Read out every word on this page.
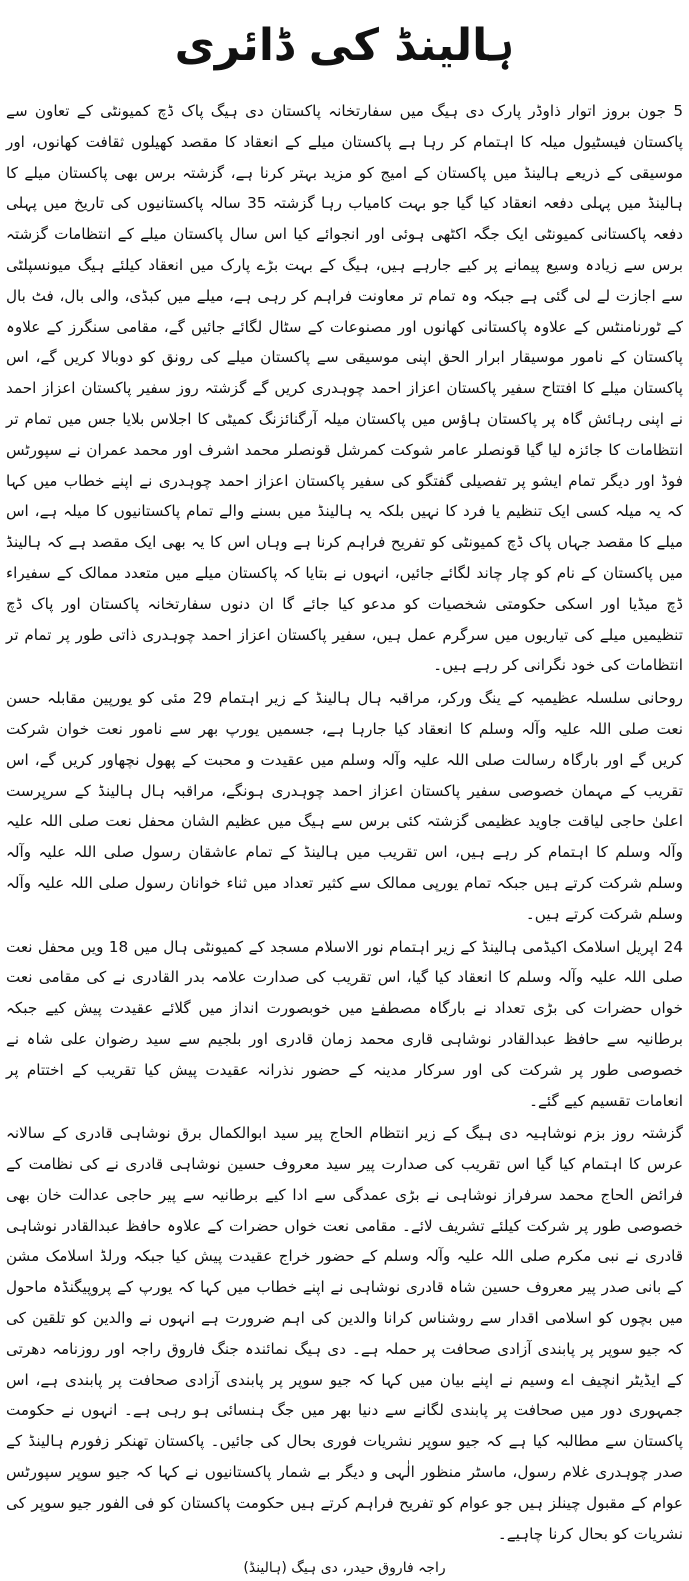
ہالینڈ کی ڈائری

5 جون بروز اتوار ذاوڈر پارک دی ہیگ میں سفارتخانہ پاکستان دی ہیگ پاک ڈچ کمیونٹی کے تعاون سے پاکستان فیسٹیول میلہ کا اہتمام کر رہا ہے پاکستان میلے کے انعقاد کا مقصد کھیلوں ثقافت کھانوں، اور موسیقی کے ذریعے ہالینڈ میں پاکستان کے امیج کو مزید بہتر کرنا ہے، گزشتہ برس بھی پاکستان میلے کا ہالینڈ میں پہلی دفعہ انعقاد کیا گیا جو بہت کامیاب رہا گزشتہ 35 سالہ پاکستانیوں کی تاریخ میں پہلی دفعہ پاکستانی کمیونٹی ایک جگہ اکٹھی ہوئی اور انجوائے کیا اس سال پاکستان میلے کے انتظامات گزشتہ برس سے زیادہ وسیع پیمانے پر کیے جارہے ہیں، ہیگ کے بہت بڑے پارک میں انعقاد کیلئے ہیگ میونسپلٹی سے اجازت لے لی گئی ہے جبکہ وہ تمام تر معاونت فراہم کر رہی ہے، میلے میں کبڈی، والی بال، فٹ بال کے ٹورنامنٹس کے علاوہ پاکستانی کھانوں اور مصنوعات کے سٹال لگائے جائیں گے، مقامی سنگرز کے علاوہ پاکستان کے نامور موسیقار ابرار الحق اپنی موسیقی سے پاکستان میلے کی رونق کو دوبالا کریں گے، اس پاکستان میلے کا افتتاح سفیر پاکستان اعزاز احمد چوہدری کریں گے گزشتہ روز سفیر پاکستان اعزاز احمد نے اپنی رہائش گاہ پر پاکستان ہاؤس میں پاکستان میلہ آرگنائزنگ کمیٹی کا اجلاس بلایا جس میں تمام تر انتظامات کا جائزہ لیا گیا قونصلر عامر شوکت کمرشل قونصلر محمد اشرف اور محمد عمران نے سپورٹس فوڈ اور دیگر تمام ایشو پر تفصیلی گفتگو کی سفیر پاکستان اعزاز احمد چوہدری نے اپنے خطاب میں کہا کہ یہ میلہ کسی ایک تنظیم یا فرد کا نہیں بلکہ یہ ہالینڈ میں بسنے والے تمام پاکستانیوں کا میلہ ہے، اس میلے کا مقصد جہاں پاک ڈچ کمیونٹی کو تفریح فراہم کرنا ہے وہاں اس کا یہ بھی ایک مقصد ہے کہ ہالینڈ میں پاکستان کے نام کو چار چاند لگائے جائیں، انہوں نے بتایا کہ پاکستان میلے میں متعدد ممالک کے سفیراء ڈچ میڈیا اور اسکی حکومتی شخصیات کو مدعو کیا جائے گا ان دنوں سفارتخانہ پاکستان اور پاک ڈچ تنظیمیں میلے کی تیاریوں میں سرگرم عمل ہیں، سفیر پاکستان اعزاز احمد چوہدری ذاتی طور پر تمام تر انتظامات کی خود نگرانی کر رہے ہیں۔

روحانی سلسلہ عظیمیہ کے ینگ ورکر، مراقبہ ہال ہالینڈ کے زیر اہتمام 29 مئی کو یورپین مقابلہ حسن نعت صلی اللہ علیہ وآلہ وسلم کا انعقاد کیا جارہا ہے، جسمیں یورپ بھر سے نامور نعت خوان شرکت کریں گے اور بارگاہ رسالت صلی اللہ علیہ وآلہ وسلم میں عقیدت و محبت کے پھول نچھاور کریں گے، اس تقریب کے مہمان خصوصی سفیر پاکستان اعزاز احمد چوہدری ہونگے، مراقبہ ہال ہالینڈ کے سرپرست اعلیٰ حاجی لیاقت جاوید عظیمی گزشتہ کئی برس سے ہیگ میں عظیم الشان محفل نعت صلی اللہ علیہ وآلہ وسلم کا اہتمام کر رہے ہیں، اس تقریب میں ہالینڈ کے تمام عاشقان رسول صلی اللہ علیہ وآلہ وسلم شرکت کرتے ہیں جبکہ تمام یورپی ممالک سے کثیر تعداد میں ثناء خوانان رسول صلی اللہ علیہ وآلہ وسلم شرکت کرتے ہیں۔

24 اپریل اسلامک اکیڈمی ہالینڈ کے زیر اہتمام نور الاسلام مسجد کے کمیونٹی ہال میں 18 ویں محفل نعت صلی اللہ علیہ وآلہ وسلم کا انعقاد کیا گیا، اس تقریب کی صدارت علامہ بدر القادری نے کی مقامی نعت خواں حضرات کی بڑی تعداد نے بارگاہ مصطفےٰ میں خوبصورت انداز میں گلائے عقیدت پیش کیے جبکہ برطانیہ سے حافظ عبدالقادر نوشاہی قاری محمد زمان قادری اور بلجیم سے سید رضوان علی شاہ نے خصوصی طور پر شرکت کی اور سرکار مدینہ کے حضور نذرانہ عقیدت پیش کیا تقریب کے اختتام پر انعامات تقسیم کیے گئے۔

گزشتہ روز بزم نوشاہیہ دی ہیگ کے زیر انتظام الحاج پیر سید ابوالکمال برق نوشاہی قادری کے سالانہ عرس کا اہتمام کیا گیا اس تقریب کی صدارت پیر سید معروف حسین نوشاہی قادری نے کی نظامت کے فرائض الحاج محمد سرفراز نوشاہی نے بڑی عمدگی سے ادا کیے برطانیہ سے پیر حاجی عدالت خان بھی خصوصی طور پر شرکت کیلئے تشریف لائے۔ مقامی نعت خواں حضرات کے علاوہ حافظ عبدالقادر نوشاہی قادری نے نبی مکرم صلی اللہ علیہ وآلہ وسلم کے حضور خراج عقیدت پیش کیا جبکہ ورلڈ اسلامک مشن کے بانی صدر پیر معروف حسین شاہ قادری نوشاہی نے اپنے خطاب میں کہا کہ یورپ کے پروپیگنڈہ ماحول میں بچوں کو اسلامی اقدار سے روشناس کرانا والدین کی اہم ضرورت ہے انہوں نے والدین کو تلقین کی کہ جیو سوپر پر پابندی آزادی صحافت پر حملہ ہے۔ دی ہیگ نمائندہ جنگ فاروق راجہ اور روزنامہ دھرتی کے ایڈیٹر انچیف اے وسیم نے اپنے بیان میں کہا کہ جیو سوپر پر پابندی آزادی صحافت پر پابندی ہے، اس جمہوری دور میں صحافت پر پابندی لگانے سے دنیا بھر میں جگ ہنسائی ہو رہی ہے۔ انہوں نے حکومت پاکستان سے مطالبہ کیا ہے کہ جیو سوپر نشریات فوری بحال کی جائیں۔ پاکستان تھنکر زفورم ہالینڈ کے صدر چوہدری غلام رسول، ماسٹر منظور الٰہی و دیگر بے شمار پاکستانیوں نے کہا کہ جیو سوپر سپورٹس عوام کے مقبول چینلز ہیں جو عوام کو تفریح فراہم کرتے ہیں حکومت پاکستان کو فی الفور جیو سوپر کی نشریات کو بحال کرنا چاہیے۔

راجہ فاروق حیدر، دی ہیگ (ہالینڈ)
